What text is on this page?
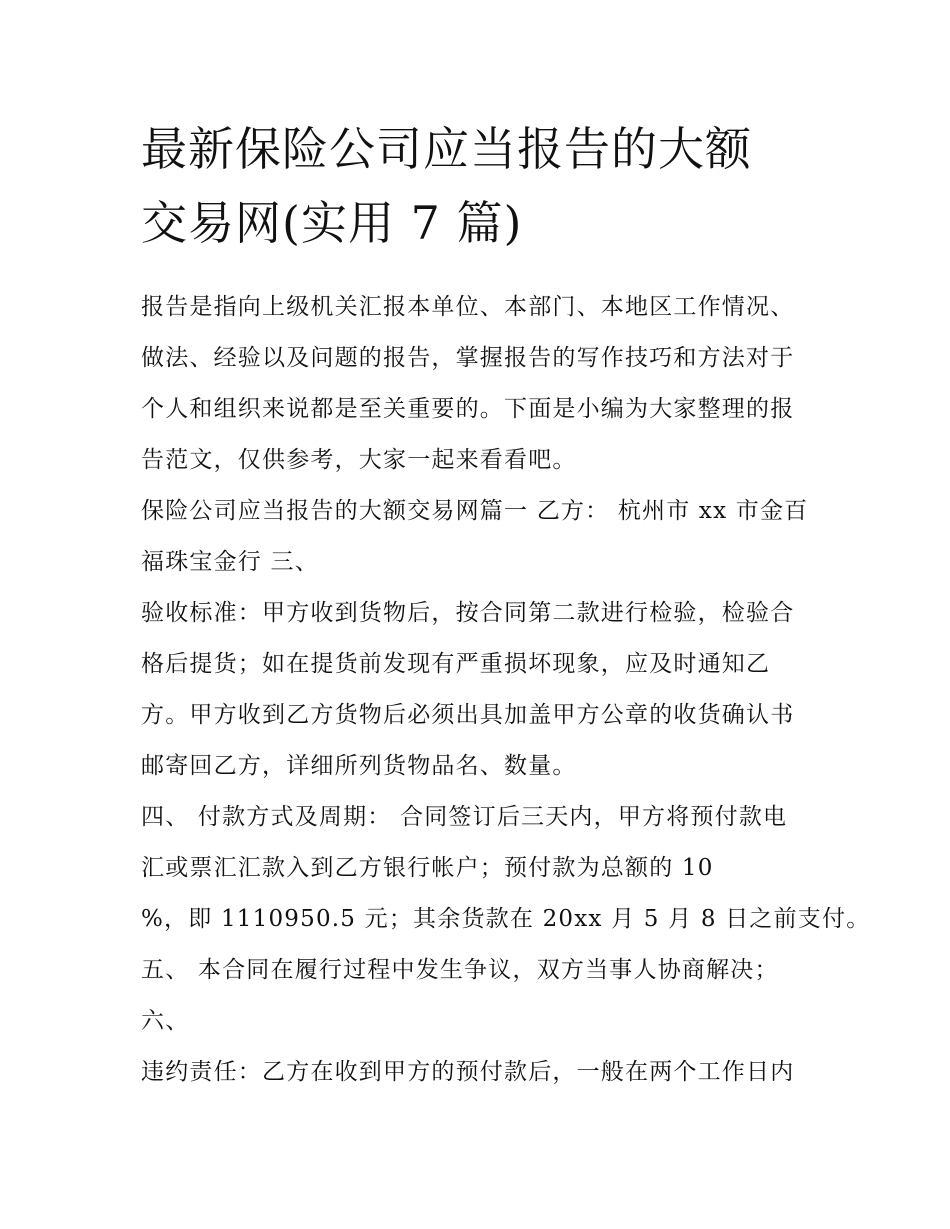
最新保险公司应当报告的大额
交易网(实用 7 篇)
报告是指向上级机关汇报本单位、本部门、本地区工作情况、
做法、经验以及问题的报告，掌握报告的写作技巧和方法对于
个人和组织来说都是至关重要的。下面是小编为大家整理的报
告范文，仅供参考，大家一起来看看吧。
保险公司应当报告的大额交易网篇一 乙方： 杭州市 xx 市金百
福珠宝金行 三、
验收标准：甲方收到货物后，按合同第二款进行检验，检验合
格后提货；如在提货前发现有严重损坏现象，应及时通知乙
方。甲方收到乙方货物后必须出具加盖甲方公章的收货确认书
邮寄回乙方，详细所列货物品名、数量。
四、 付款方式及周期： 合同签订后三天内，甲方将预付款电
汇或票汇汇款入到乙方银行帐户；预付款为总额的 10
%，即 1110950.5 元；其余货款在 20xx 月 5 月 8 日之前支付。
五、 本合同在履行过程中发生争议，双方当事人协商解决；
六、
违约责任：乙方在收到甲方的预付款后，一般在两个工作日内
